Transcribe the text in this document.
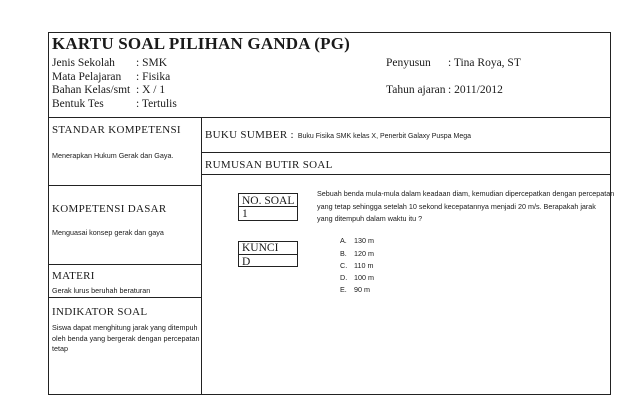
KARTU SOAL PILIHAN GANDA (PG)
Jenis Sekolah : SMK
Mata Pelajaran : Fisika
Bahan Kelas/smt : X / 1
Bentuk Tes	: Tertulis
Penyusun : Tina Roya, ST
Tahun ajaran : 2011/2012
STANDAR KOMPETENSI
Menerapkan Hukum Gerak dan Gaya.
KOMPETENSI DASAR
Menguasai konsep gerak dan gaya
MATERI
Gerak lurus beruhah beraturan
INDIKATOR SOAL
Siswa dapat menghitung jarak yang ditempuh
oleh benda yang bergerak dengan percepatan
tetap
BUKU SUMBER : Buku Fisika SMK kelas X, Penerbit Galaxy Puspa Mega
RUMUSAN BUTIR SOAL
NO. SOAL
1
KUNCI
D
Sebuah benda mula-mula dalam keadaan diam, kemudian dipercepatkan dengan percepatan
yang tetap sehingga setelah 10 sekond kecepatannya menjadi 20 m/s. Berapakah jarak
yang ditempuh dalam waktu itu ?
A. 130 m
B. 120 m
C. 110 m
D. 100 m
E. 90 m
